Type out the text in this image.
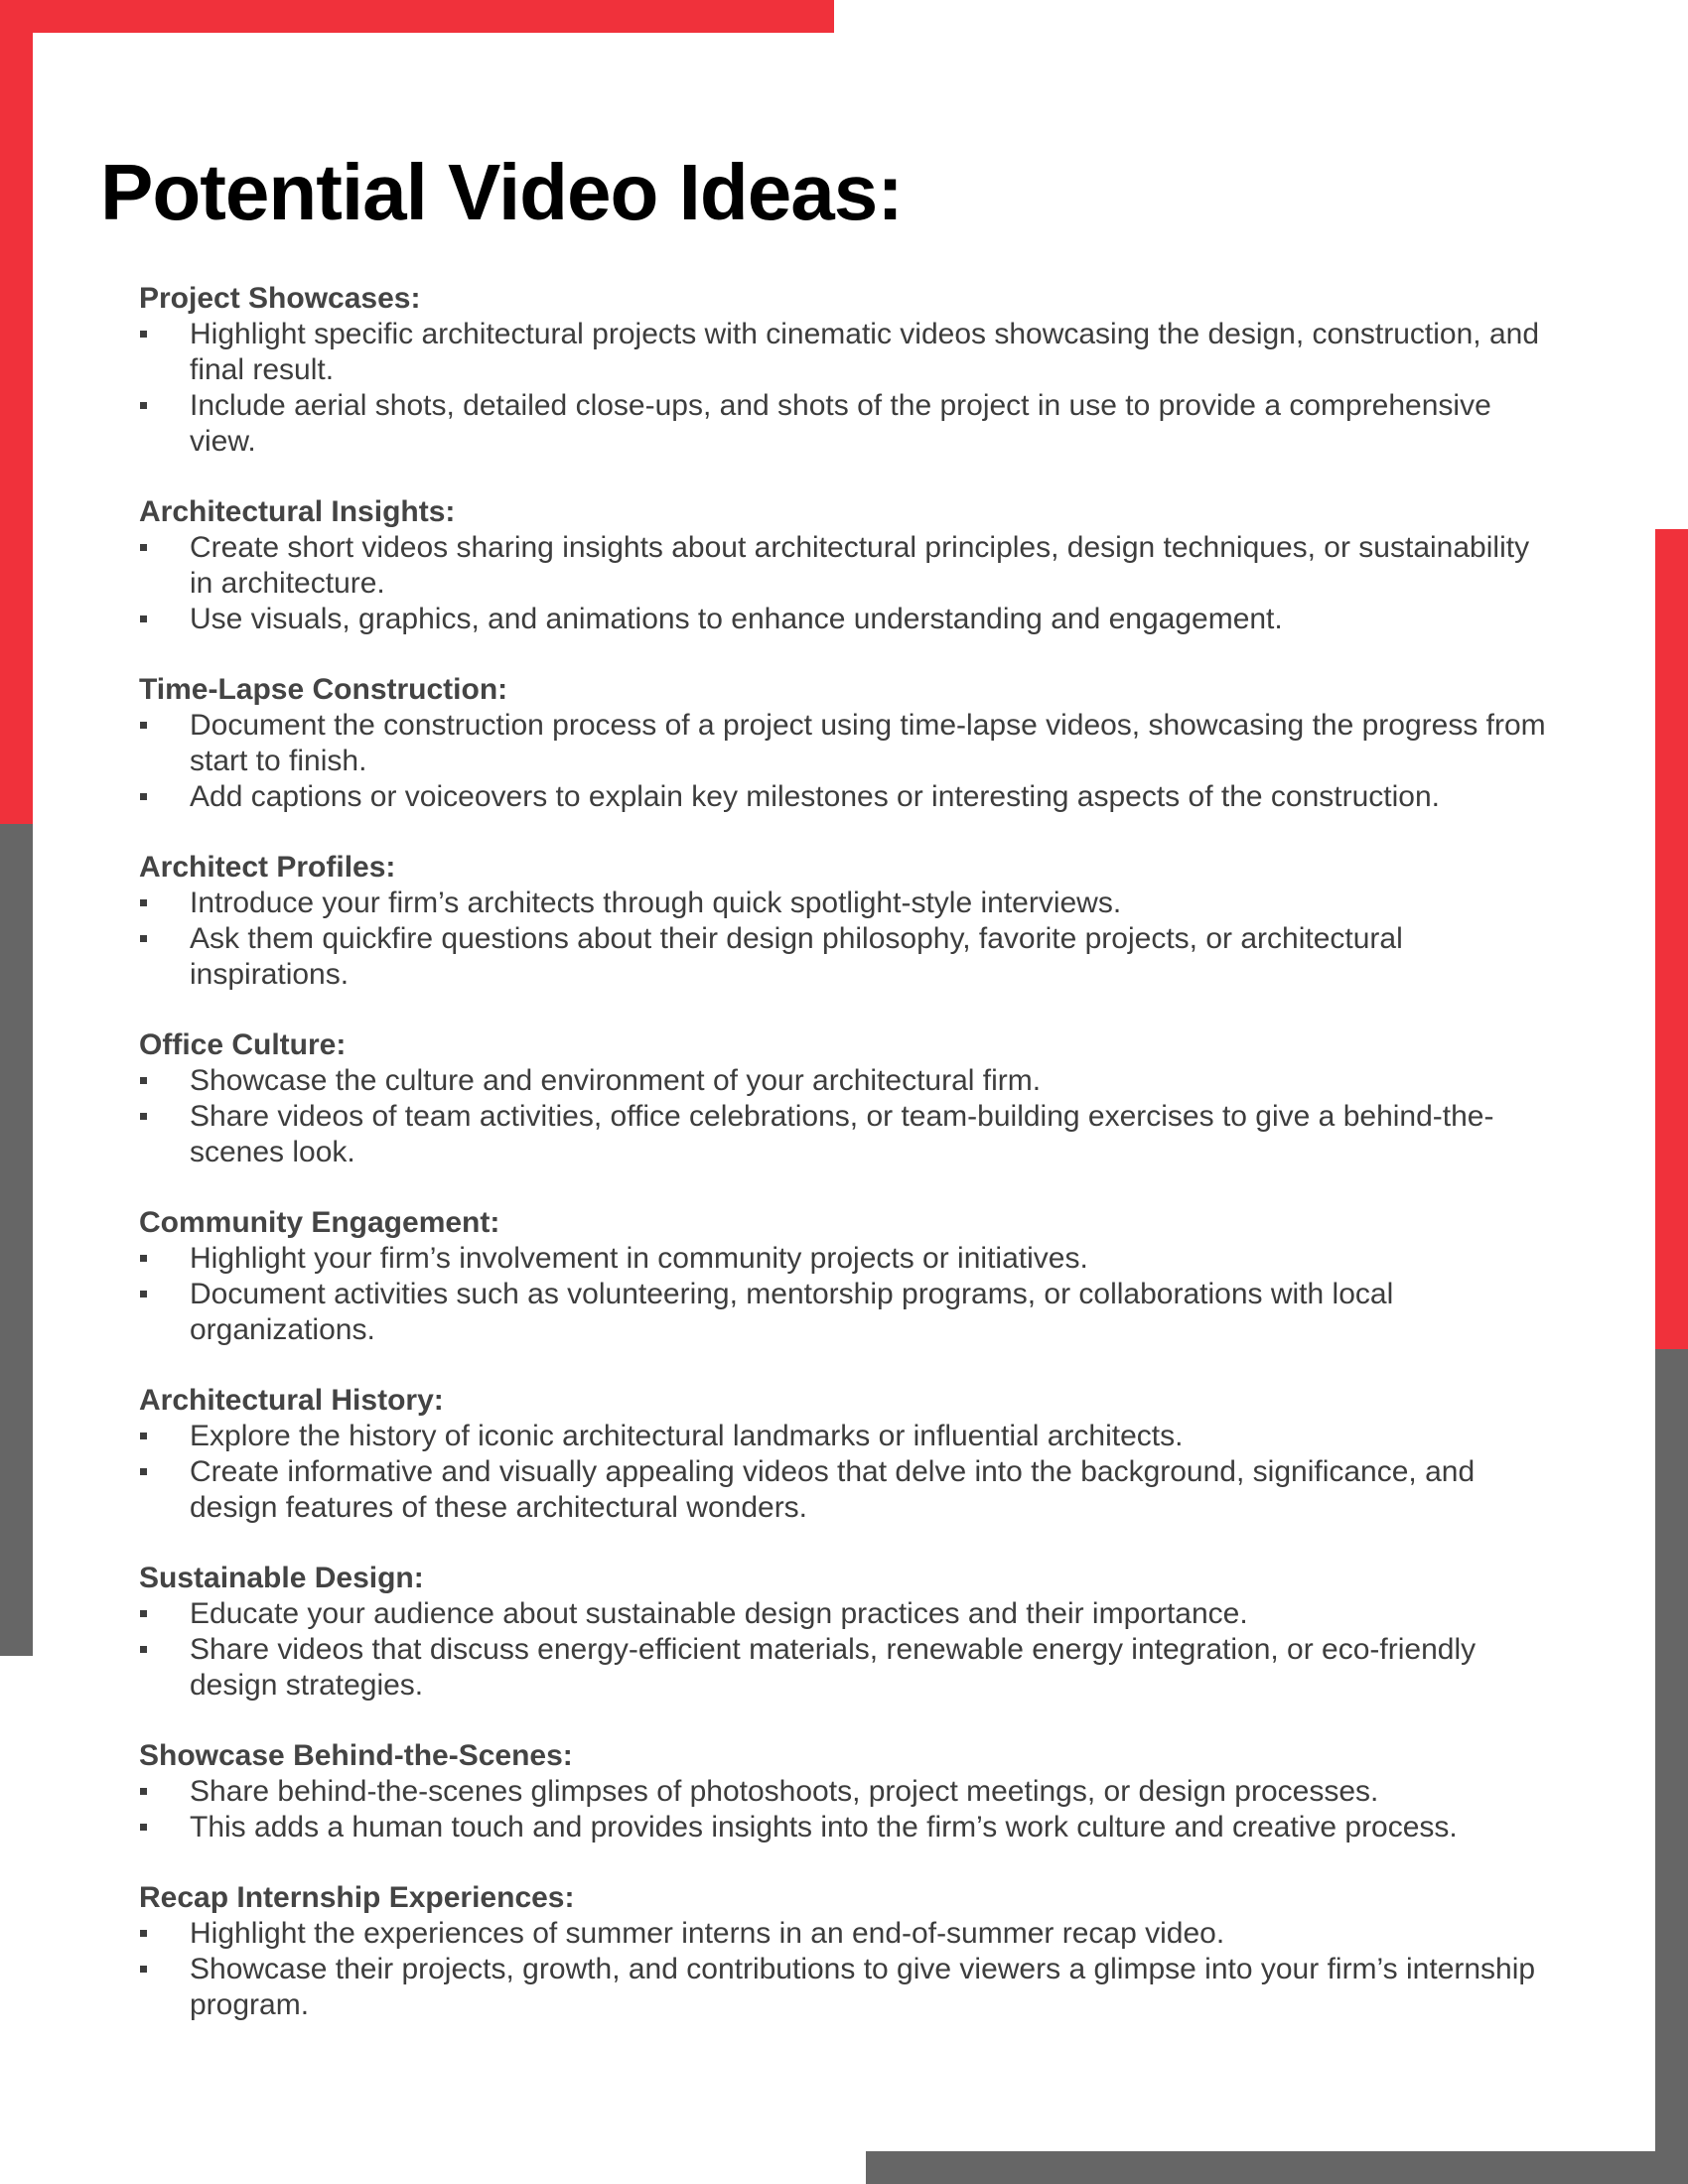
Potential Video Ideas:
Project Showcases:
Highlight specific architectural projects with cinematic videos showcasing the design, construction, and final result.
Include aerial shots, detailed close-ups, and shots of the project in use to provide a comprehensive view.
Architectural Insights:
Create short videos sharing insights about architectural principles, design techniques, or sustainability in architecture.
Use visuals, graphics, and animations to enhance understanding and engagement.
Time-Lapse Construction:
Document the construction process of a project using time-lapse videos, showcasing the progress from start to finish.
Add captions or voiceovers to explain key milestones or interesting aspects of the construction.
Architect Profiles:
Introduce your firm’s architects through quick spotlight-style interviews.
Ask them quickfire questions about their design philosophy, favorite projects, or architectural inspirations.
Office Culture:
Showcase the culture and environment of your architectural firm.
Share videos of team activities, office celebrations, or team-building exercises to give a behind-the-scenes look.
Community Engagement:
Highlight your firm’s involvement in community projects or initiatives.
Document activities such as volunteering, mentorship programs, or collaborations with local organizations.
Architectural History:
Explore the history of iconic architectural landmarks or influential architects.
Create informative and visually appealing videos that delve into the background, significance, and design features of these architectural wonders.
Sustainable Design:
Educate your audience about sustainable design practices and their importance.
Share videos that discuss energy-efficient materials, renewable energy integration, or eco-friendly design strategies.
Showcase Behind-the-Scenes:
Share behind-the-scenes glimpses of photoshoots, project meetings, or design processes.
This adds a human touch and provides insights into the firm’s work culture and creative process.
Recap Internship Experiences:
Highlight the experiences of summer interns in an end-of-summer recap video.
Showcase their projects, growth, and contributions to give viewers a glimpse into your firm’s internship program.
